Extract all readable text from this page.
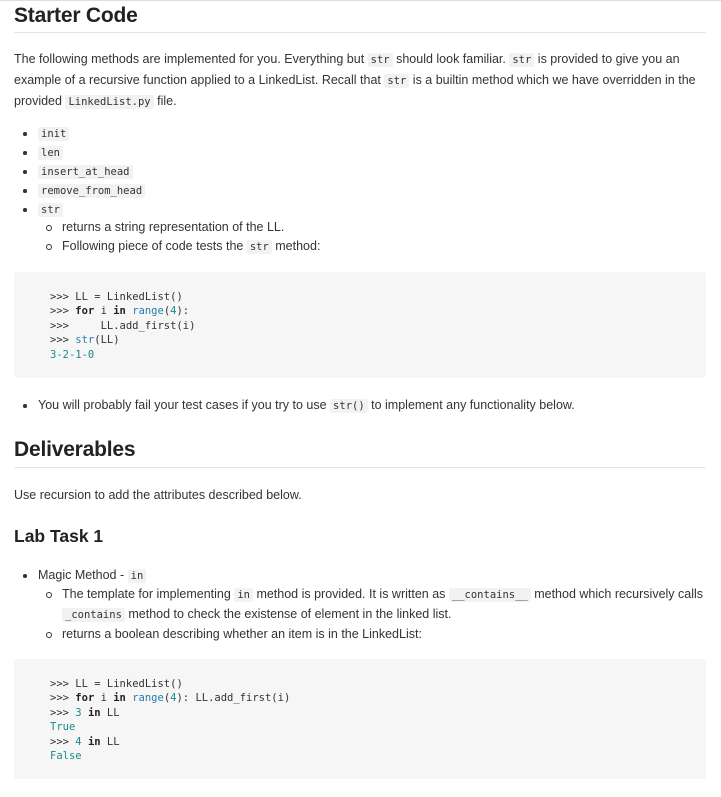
Starter Code

The following methods are implemented for you. Everything but str should look familiar. str is provided to give you an
example of a recursive function applied to a LinkedList. Recall that str is a builtin method which we have overridden in the
provided LinkedList.py file.

init
len
insert_at_head
remove_from_head
str
returns a string representation of the LL.
Following piece of code tests the str method:
>>> LL = LinkedList()
>>> for i in range(4):
>>>     LL.add_first(i)
>>> str(LL)
3-2-1-0
You will probably fail your test cases if you try to use str() to implement any functionality below.
Deliverables

Use recursion to add the attributes described below.

Lab Task 1
Magic Method - in
The template for implementing in method is provided. It is written as __contains__ method which recursively calls
_contains method to check the existense of element in the linked list.
returns a boolean describing whether an item is in the LinkedList:
>>> LL = LinkedList()
>>> for i in range(4): LL.add_first(i)
>>> 3 in LL
True
>>> 4 in LL
False
